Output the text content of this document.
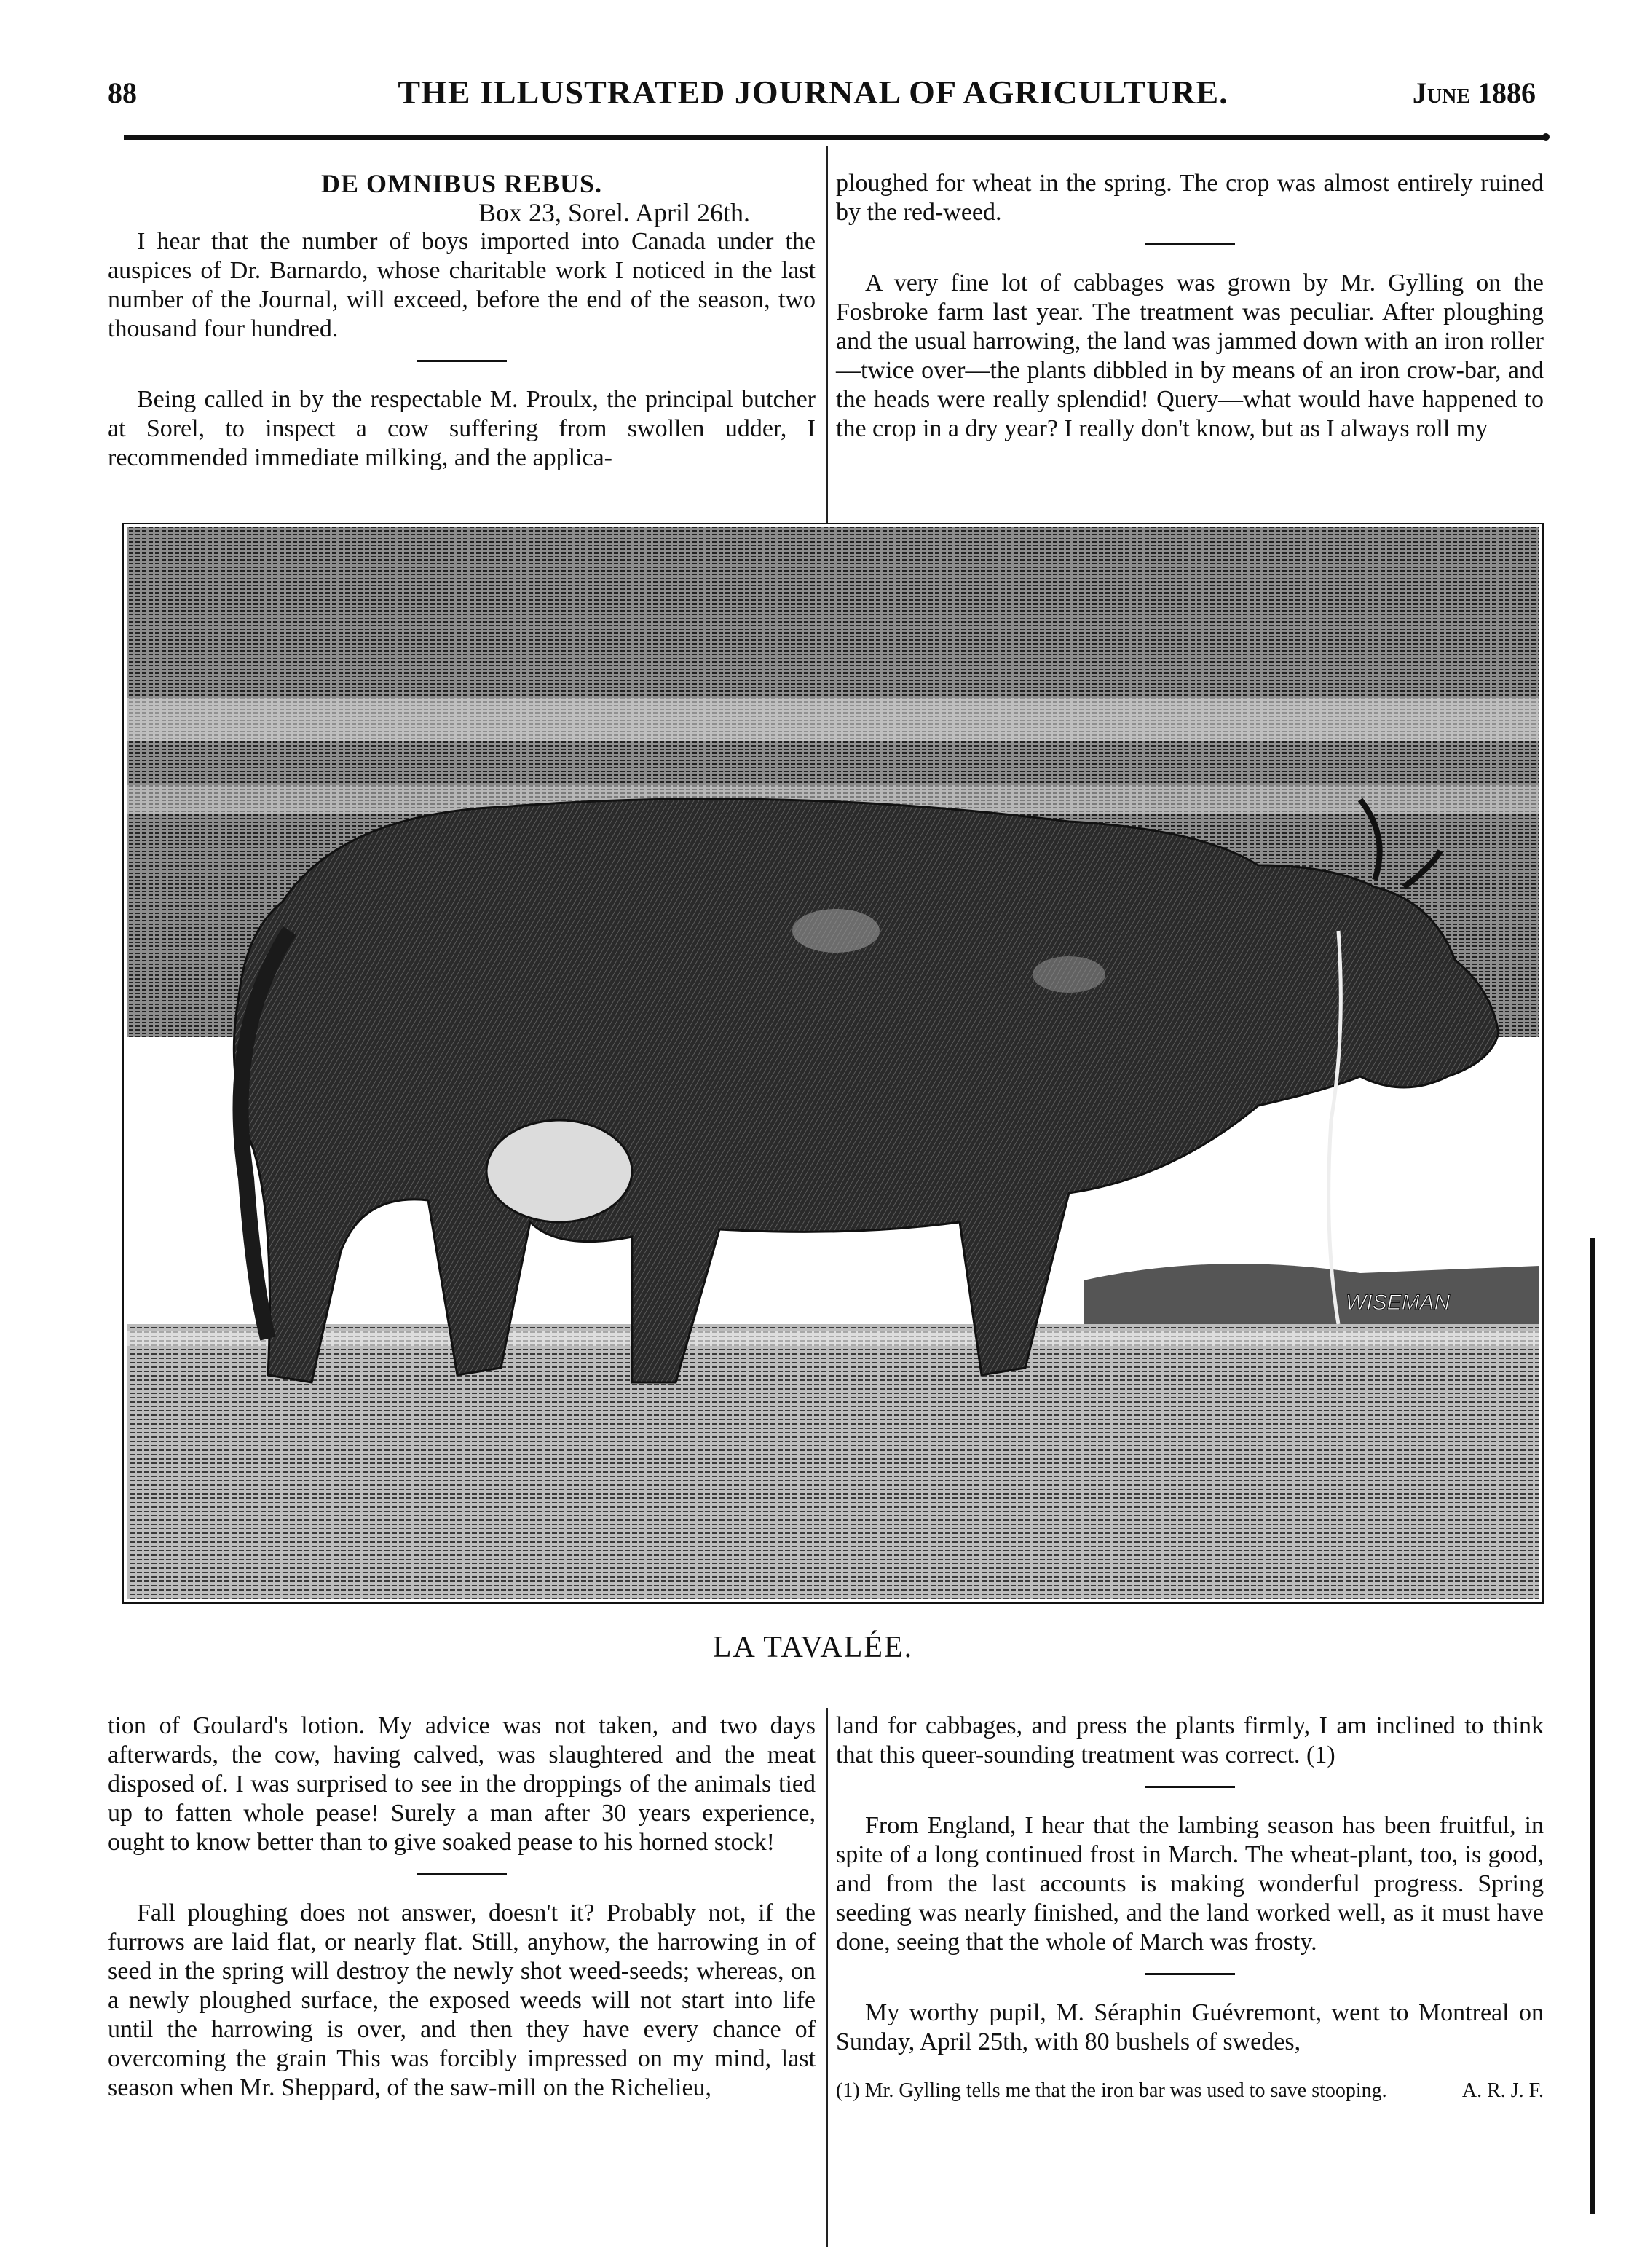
88	THE ILLUSTRATED JOURNAL OF AGRICULTURE.	June 1886

DE OMNIBUS REBUS.

Box 23, Sorel. April 26th.

I hear that the number of boys imported into Canada under the auspices of Dr. Barnardo, whose charitable work I noticed in the last number of the Journal, will exceed, before the end of the season, two thousand four hundred.

Being called in by the respectable M. Proulx, the principal butcher at Sorel, to inspect a cow suffering from swollen udder, I recommended immediate milking, and the applica-

ploughed for wheat in the spring. The crop was almost entirely ruined by the red-weed.

A very fine lot of cabbages was grown by Mr. Gylling on the Fosbroke farm last year. The treatment was peculiar. After ploughing and the usual harrowing, the land was jammed down with an iron roller—twice over—the plants dibbled in by means of an iron crow-bar, and the heads were really splendid! Query—what would have happened to the crop in a dry year? I really don't know, but as I always roll my

WISEMAN
LA TAVALÉE.

tion of Goulard's lotion. My advice was not taken, and two days afterwards, the cow, having calved, was slaughtered and the meat disposed of. I was surprised to see in the droppings of the animals tied up to fatten whole pease! Surely a man after 30 years experience, ought to know better than to give soaked pease to his horned stock!

Fall ploughing does not answer, doesn't it? Probably not, if the furrows are laid flat, or nearly flat. Still, anyhow, the harrowing in of seed in the spring will destroy the newly shot weed-seeds; whereas, on a newly ploughed surface, the exposed weeds will not start into life until the harrowing is over, and then they have every chance of overcoming the grain This was forcibly impressed on my mind, last season when Mr. Sheppard, of the saw-mill on the Richelieu,

land for cabbages, and press the plants firmly, I am inclined to think that this queer-sounding treatment was correct. (1)

From England, I hear that the lambing season has been fruitful, in spite of a long continued frost in March. The wheat-plant, too, is good, and from the last accounts is making wonderful progress. Spring seeding was nearly finished, and the land worked well, as it must have done, seeing that the whole of March was frosty.

My worthy pupil, M. Séraphin Guévremont, went to Montreal on Sunday, April 25th, with 80 bushels of swedes,

(1) Mr. Gylling tells me that the iron bar was used to save stooping.	A. R. J. F.
